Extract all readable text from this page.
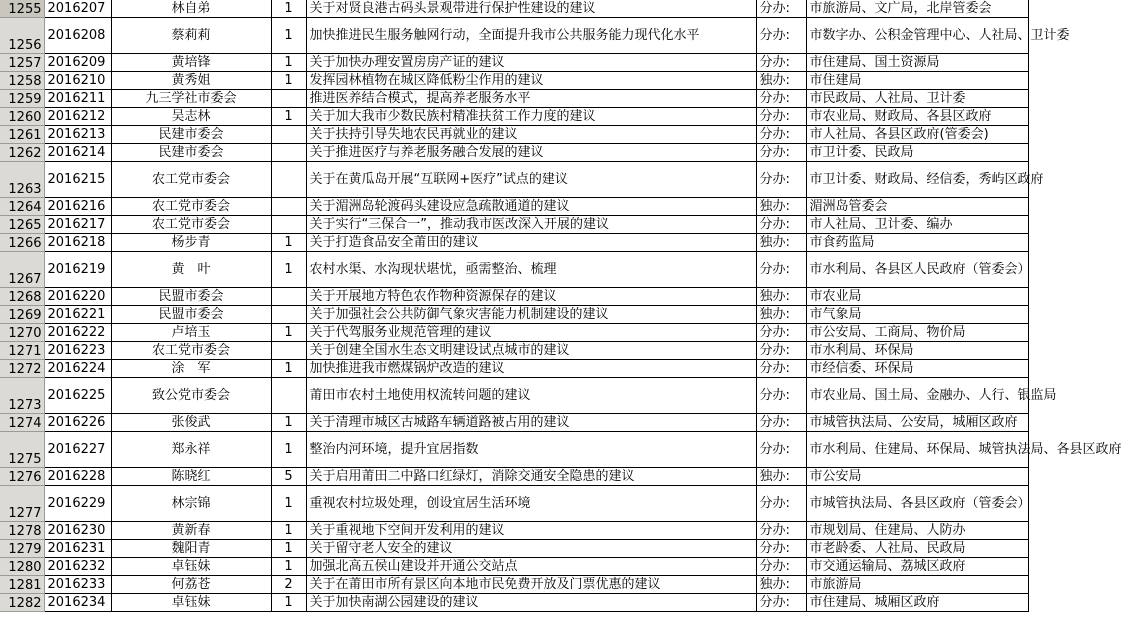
1255	2016207	林自弟	1	关于对贤良港古码头景观带进行保护性建设的建议	分办:	市旅游局、文广局，北岸管委会
1256	2016208	蔡莉莉	1	加快推进民生服务触网行动，全面提升我市公共服务能力现代化水平	分办:	市数字办、公积金管理中心、人社局、卫计委
1257	2016209	黄培锋	1	关于加快办理安置房房产证的建议	分办:	市住建局、国土资源局
1258	2016210	黄秀姐	1	发挥园林植物在城区降低粉尘作用的建议	独办:	市住建局
1259	2016211	九三学社市委会		推进医养结合模式，提高养老服务水平	分办:	市民政局、人社局、卫计委
1260	2016212	吴志林	1	关于加大我市少数民族村精准扶贫工作力度的建议	分办:	市农业局、财政局、各县区政府
1261	2016213	民建市委会		关于扶持引导失地农民再就业的建议	分办:	市人社局、各县区政府(管委会)
1262	2016214	民建市委会		关于推进医疗与养老服务融合发展的建议	分办:	市卫计委、民政局
1263	2016215	农工党市委会		关于在黄瓜岛开展“互联网+医疗”试点的建议	分办:	市卫计委、财政局、经信委，秀屿区政府
1264	2016216	农工党市委会		关于湄洲岛轮渡码头建设应急疏散通道的建议	独办:	湄洲岛管委会
1265	2016217	农工党市委会		关于实行“三保合一”，推动我市医改深入开展的建议	分办:	市人社局、卫计委、编办
1266	2016218	杨步青	1	关于打造食品安全莆田的建议	独办:	市食药监局
1267	2016219	黄　叶	1	农村水渠、水沟现状堪忧，亟需整治、梳理	分办:	市水利局、各县区人民政府（管委会）
1268	2016220	民盟市委会		关于开展地方特色农作物种资源保存的建议	独办:	市农业局
1269	2016221	民盟市委会		关于加强社会公共防御气象灾害能力机制建设的建议	独办:	市气象局
1270	2016222	卢培玉	1	关于代驾服务业规范管理的建议	分办:	市公安局、工商局、物价局
1271	2016223	农工党市委会		关于创建全国水生态文明建设试点城市的建议	分办:	市水利局、环保局
1272	2016224	涂　军	1	加快推进我市燃煤锅炉改造的建议	分办:	市经信委、环保局
1273	2016225	致公党市委会		莆田市农村土地使用权流转问题的建议	分办:	市农业局、国土局、金融办、人行、银监局
1274	2016226	张俊武	1	关于清理市城区古城路车辆道路被占用的建议	分办:	市城管执法局、公安局，城厢区政府
1275	2016227	郑永祥	1	整治内河环境，提升宜居指数	分办:	市水利局、住建局、环保局、城管执法局、各县区政府
1276	2016228	陈晓红	5	关于启用莆田二中路口红绿灯，消除交通安全隐患的建议	独办:	市公安局
1277	2016229	林宗锦	1	重视农村垃圾处理，创设宜居生活环境	分办:	市城管执法局、各县区政府（管委会）
1278	2016230	黄新春	1	关于重视地下空间开发利用的建议	分办:	市规划局、住建局、人防办
1279	2016231	魏阳青	1	关于留守老人安全的建议	分办:	市老龄委、人社局、民政局
1280	2016232	卓钰妹	1	加强北高五侯山建设并开通公交站点	分办:	市交通运输局、荔城区政府
1281	2016233	何荔苍	2	关于在莆田市所有景区向本地市民免费开放及门票优惠的建议	独办:	市旅游局
1282	2016234	卓钰妹	1	关于加快南湖公园建设的建议	分办:	市住建局、城厢区政府
